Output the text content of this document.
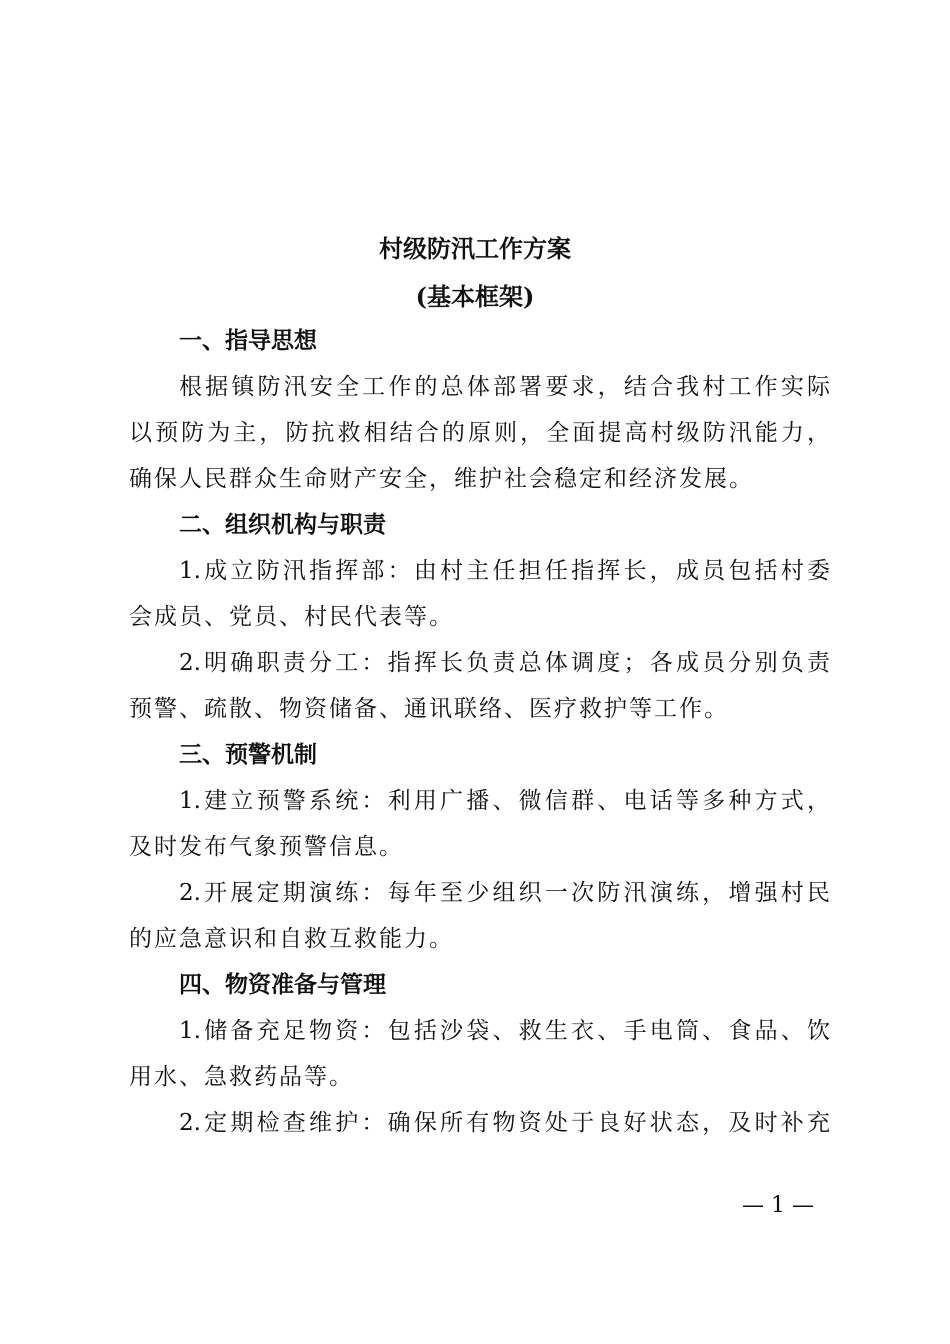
村级防汛工作方案
(基本框架)
一、指导思想
根据镇防汛安全工作的总体部署要求，结合我村工作实际
以预防为主，防抗救相结合的原则，全面提高村级防汛能力，
确保人民群众生命财产安全，维护社会稳定和经济发展。
二、组织机构与职责
1.成立防汛指挥部：由村主任担任指挥长，成员包括村委
会成员、党员、村民代表等。
2.明确职责分工：指挥长负责总体调度；各成员分别负责
预警、疏散、物资储备、通讯联络、医疗救护等工作。
三、预警机制
1.建立预警系统：利用广播、微信群、电话等多种方式，
及时发布气象预警信息。
2.开展定期演练：每年至少组织一次防汛演练，增强村民
的应急意识和自救互救能力。
四、物资准备与管理
1.储备充足物资：包括沙袋、救生衣、手电筒、食品、饮
用水、急救药品等。
2.定期检查维护：确保所有物资处于良好状态，及时补充
— 1 —
